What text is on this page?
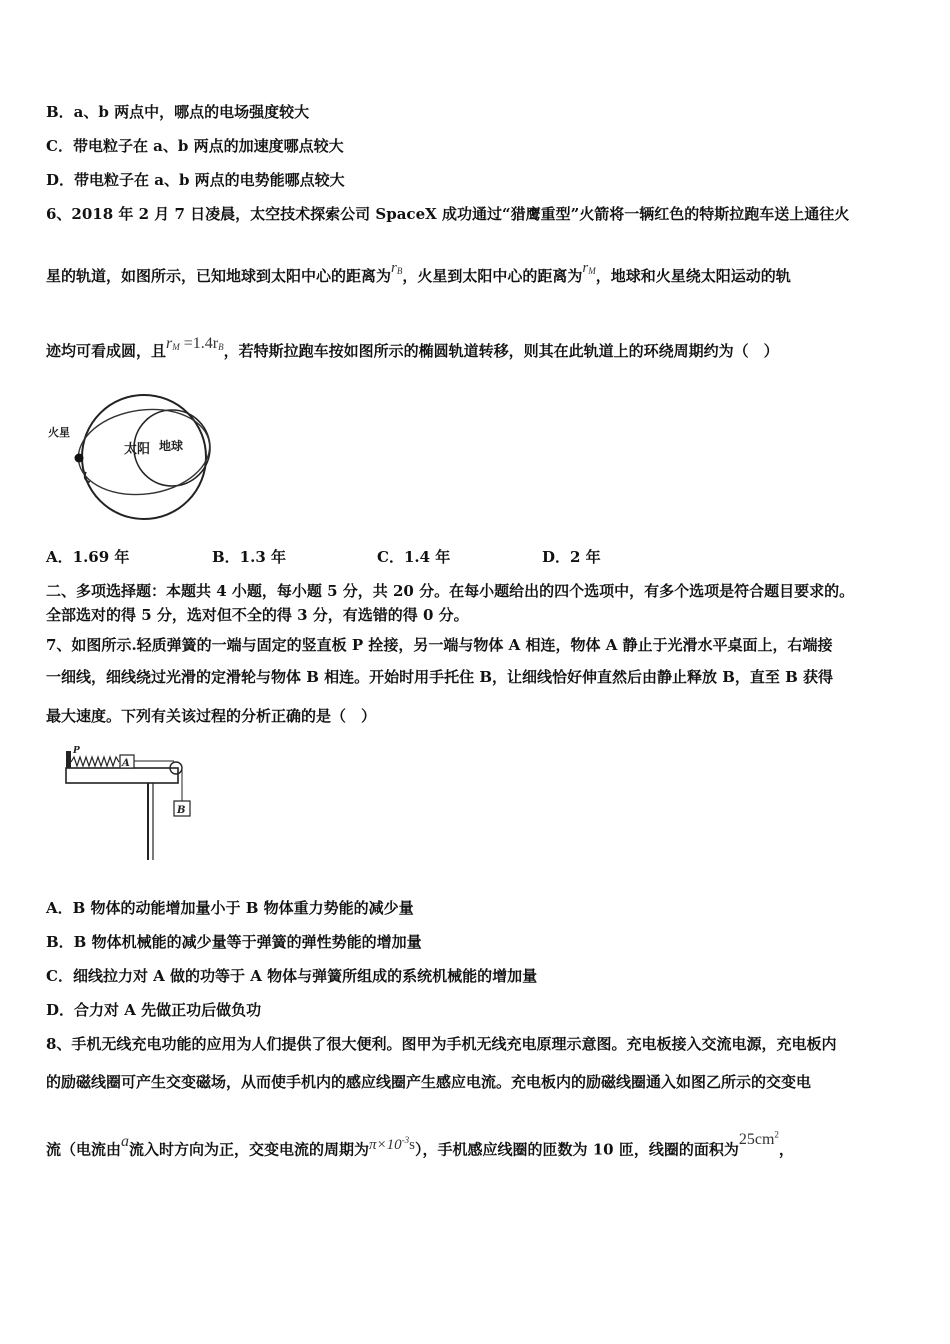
B．a、b 两点中，哪点的电场强度较大
C．带电粒子在 a、b 两点的加速度哪点较大
D．带电粒子在 a、b 两点的电势能哪点较大
6、2018 年 2 月 7 日凌晨，太空技术探索公司 SpaceX 成功通过“猎鹰重型”火箭将一辆红色的特斯拉跑车送上通往火
星的轨道，如图所示，已知地球到太阳中心的距离为$r_B$，火星到太阳中心的距离为$r_M$，地球和火星绕太阳运动的轨
迹均可看成圆，且$r_M =1.4r_B$，若特斯拉跑车按如图所示的椭圆轨道转移，则其在此轨道上的环绕周期约为（　）
火星
太阳 地球
A．1.69 年	B．1.3 年	C．1.4 年	D．2 年
二、多项选择题：本题共 4 小题，每小题 5 分，共 20 分。在每小题给出的四个选项中，有多个选项是符合题目要求的。
全部选对的得 5 分，选对但不全的得 3 分，有选错的得 0 分。
7、如图所示.轻质弹簧的一端与固定的竖直板 P 拴接，另一端与物体 A 相连，物体 A 静止于光滑水平桌面上，右端接
一细线，细线绕过光滑的定滑轮与物体 B 相连。开始时用手托住 B，让细线恰好伸直然后由静止释放 B，直至 B 获得
最大速度。下列有关该过程的分析正确的是（　）
P
A
B
A．B 物体的动能增加量小于 B 物体重力势能的减少量
B．B 物体机械能的减少量等于弹簧的弹性势能的增加量
C．细线拉力对 A 做的功等于 A 物体与弹簧所组成的系统机械能的增加量
D．合力对 A 先做正功后做负功
8、手机无线充电功能的应用为人们提供了很大便利。图甲为手机无线充电原理示意图。充电板接入交流电源，充电板内
的励磁线圈可产生交变磁场，从而使手机内的感应线圈产生感应电流。充电板内的励磁线圈通入如图乙所示的交变电
流（电流由a流入时方向为正，交变电流的周期为$\pi\times 10^{-3}s$），手机感应线圈的匝数为 10 匝，线圈的面积为$25cm^2$，
